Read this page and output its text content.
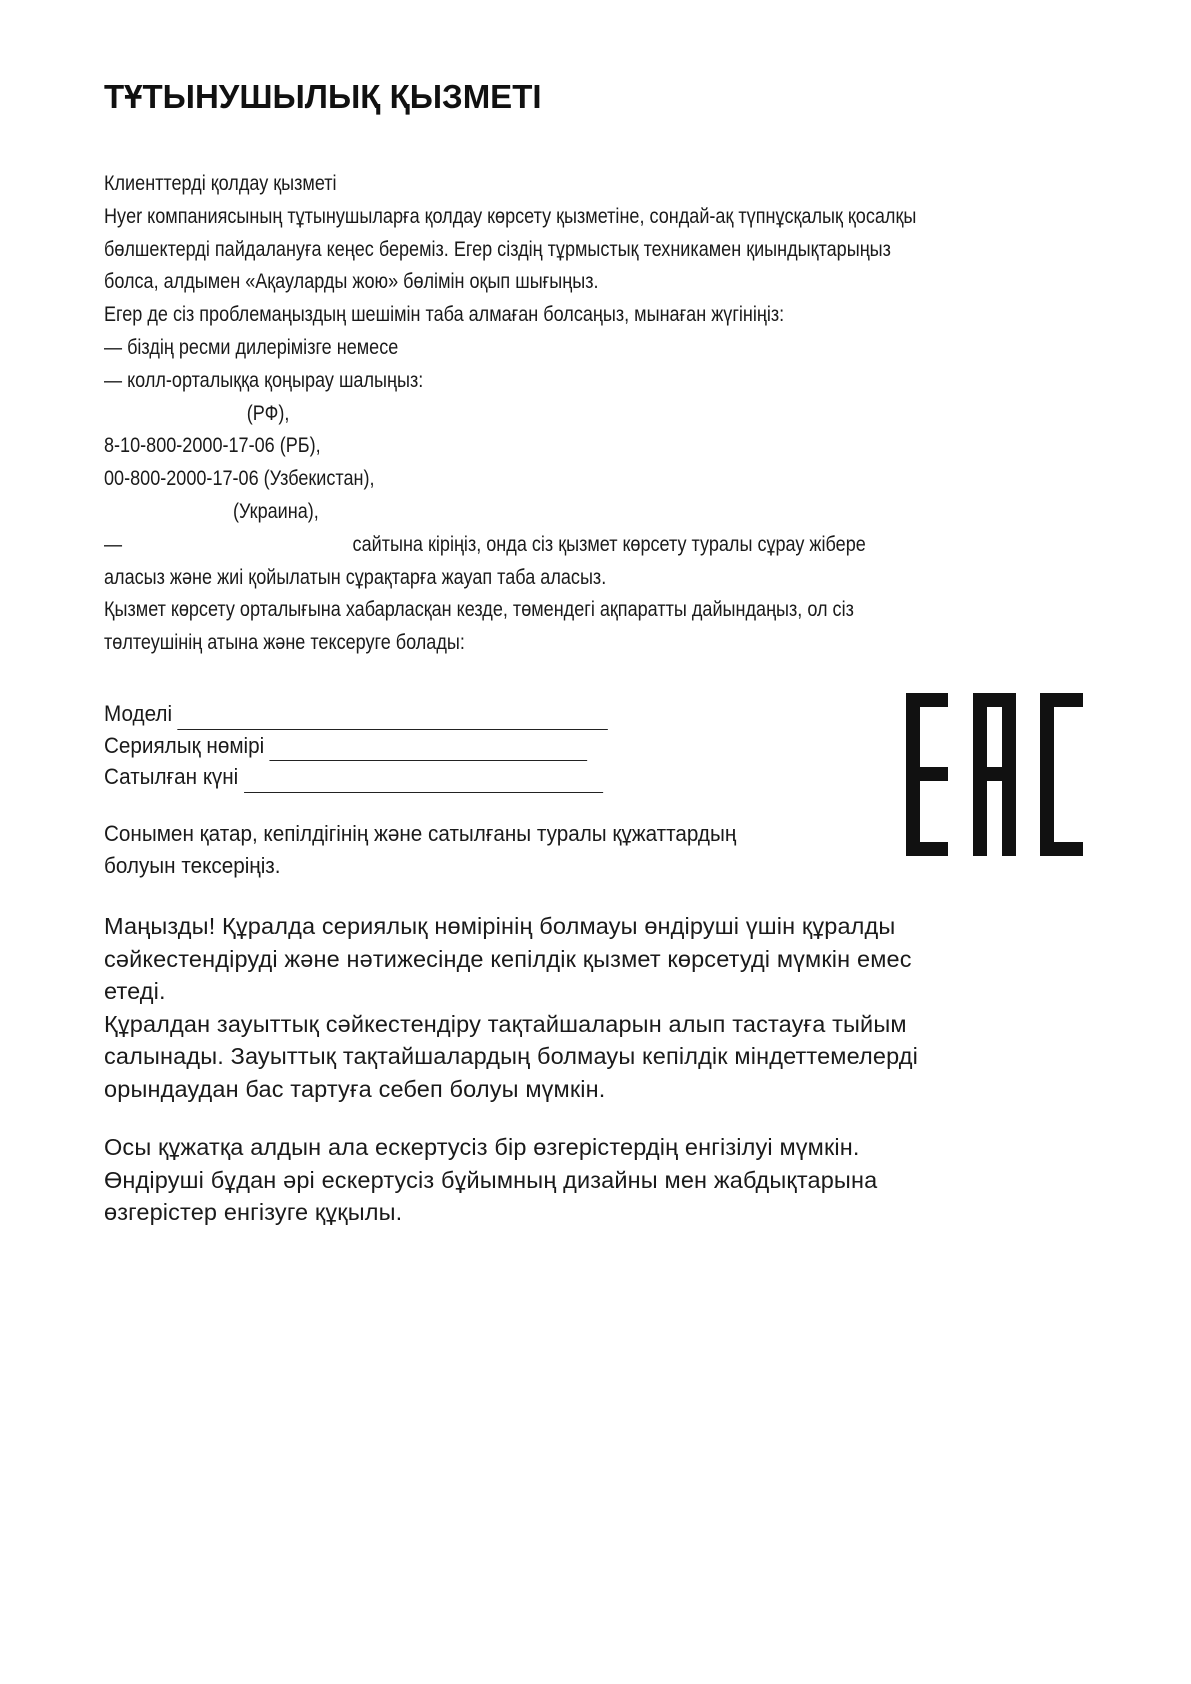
ТҰТЫНУШЫЛЫҚ ҚЫЗМЕТІ
Клиенттерді қолдау қызметі
Hyer компаниясының тұтынушыларға қолдау көрсету қызметіне, сондай-ақ түпнұсқалық қосалқы
бөлшектерді пайдалануға кеңес береміз. Егер сіздің тұрмыстық техникамен қиындықтарыңыз
болса, алдымен «Ақауларды жою» бөлімін оқып шығыңыз.
Егер де сіз проблемаңыздың шешімін таба алмаған болсаңыз, мынаған жүгініңіз:
— біздің ресми дилерімізге немесе
— колл-орталыққа қоңырау шалыңыз:
(РФ),
8-10-800-2000-17-06 (РБ),
00-800-2000-17-06 (Узбекистан),
(Украина),
—	сайтына кіріңіз, онда сіз қызмет көрсету туралы сұрау жібере
аласыз және жиі қойылатын сұрақтарға жауап таба аласыз.
Қызмет көрсету орталығына хабарласқан кезде, төмендегі ақпаратты дайындаңыз, ол сіз
төлтеушінің атына және тексеруге болады:
Моделі
Сериялық нөмірі
Сатылған күні
Сонымен қатар, кепілдігінің және сатылғаны туралы құжаттардың
болуын тексеріңіз.
Маңызды! Құралда сериялық нөмірінің болмауы өндіруші үшін құралды
сәйкестендіруді және нәтижесінде кепілдік қызмет көрсетуді мүмкін емес
етеді.
Құралдан зауыттық сәйкестендіру тақтайшаларын алып тастауға тыйым
салынады. Зауыттық тақтайшалардың болмауы кепілдік міндеттемелерді
орындаудан бас тартуға себеп болуы мүмкін.
Осы құжатқа алдын ала ескертусіз бір өзгерістердің енгізілуі мүмкін.
Өндіруші бұдан әрі ескертусіз бұйымның дизайны мен жабдықтарына
өзгерістер енгізуге құқылы.
